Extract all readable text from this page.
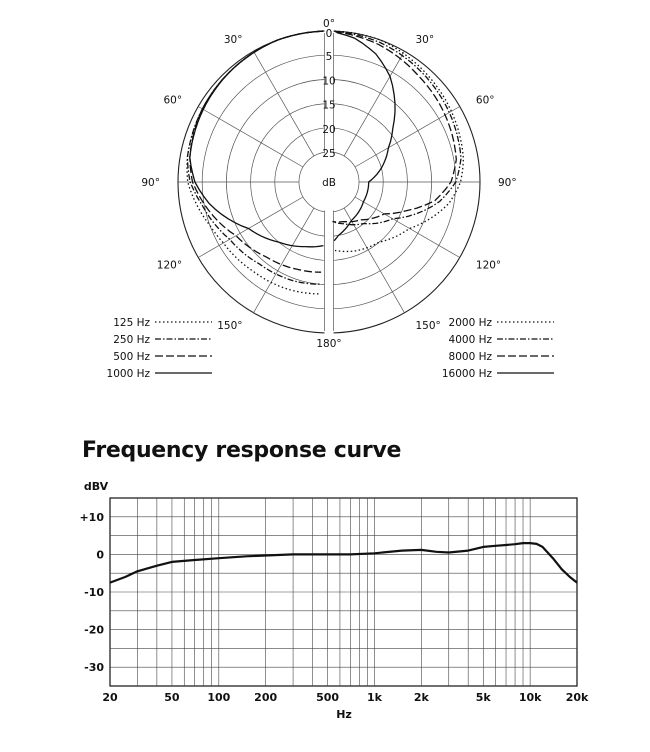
0
5
10
15
20
25
dB
0°
180°
30°	30°
60°	60°
90°	90°
120°	120°
150°	150°
125 Hz
250 Hz
500 Hz
1000 Hz
2000 Hz
4000 Hz
8000 Hz
16000 Hz
Frequency response curve
20	50	100 200	500	1k	2k	5k	10k 20k
+10
0
-10
-20
-30
dBV
Hz
